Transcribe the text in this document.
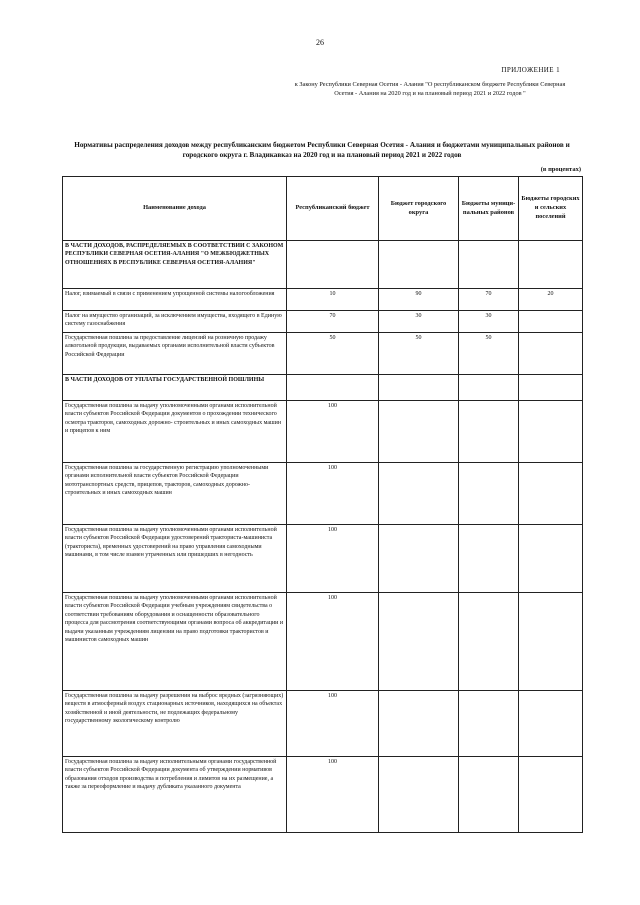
26
ПРИЛОЖЕНИЕ 1
к Закону Республики Северная Осетия - Алания "О республиканском бюджете Республики Северная Осетия - Алания на 2020 год и на плановый период 2021 и 2022 годов "
Нормативы распределения доходов между республиканским бюджетом Республики Северная Осетия - Алания и бюджетами муниципальных районов и городского округа г. Владикавказ на 2020 год и на плановый период 2021 и 2022 годов
(в процентах)
Наименование дохода	Республиканский бюджет	Бюджет городского округа	Бюджеты муници-пальных районов	Бюджеты городских и сельских поселений
В ЧАСТИ ДОХОДОВ, РАСПРЕДЕЛЯЕМЫХ В СООТВЕТСТВИИ С ЗАКОНОМ РЕСПУБЛИКИ СЕВЕРНАЯ ОСЕТИЯ-АЛАНИЯ "О МЕЖБЮДЖЕТНЫХ ОТНОШЕНИЯХ В РЕСПУБЛИКЕ СЕВЕРНАЯ ОСЕТИЯ-АЛАНИЯ"				
Налог, взимаемый в связи с применением упрощенной системы налогообложения	10	90	70	20
Налог на имущество организаций, за исключением имущества, входящего в Единую систему газоснабжения	70	30	30	
Государственная пошлина за предоставление лицензий на розничную продажу алкогольной продукции, выдаваемых органами исполнительной власти субъектов Российской Федерации	50	50	50	
В ЧАСТИ ДОХОДОВ ОТ УПЛАТЫ ГОСУДАРСТВЕННОЙ ПОШЛИНЫ				
Государственная пошлина за выдачу уполномоченными органами исполнительной власти субъектов Российской Федерации документов о прохождении технического осмотра тракторов, самоходных дорожно- строительных и иных самоходных машин и прицепов к ним	100			
Государственная пошлина за государственную регистрацию уполномоченными органами исполнительной власти субъектов Российской Федерации мототранспортных средств, прицепов, тракторов, самоходных дорожно-строительных и иных самоходных машин	100			
Государственная пошлина за выдачу уполномоченными органами исполнительной власти субъектов Российской Федерации удостоверений тракториста-машиниста (тракториста), временных удостоверений на право управления самоходными машинами, в том числе взамен утраченных или пришедших в негодность	100			
Государственная пошлина за выдачу уполномоченными органами исполнительной власти субъектов Российской Федерации учебным учреждениям свидетельства о соответствии требованиям оборудования и оснащенности образовательного процесса для рассмотрения соответствующими органами вопроса об аккредитации и выдачи указанным учреждениям лицензии на право подготовки трактористов и машинистов самоходных машин	100			
Государственная пошлина за выдачу разрешения на выброс вредных (загрязняющих) веществ в атмосферный воздух стационарных источников, находящихся на объектах хозяйственной и иной деятельности, не подлежащих федеральному государственному экологическому контролю	100			
Государственная пошлина за выдачу исполнительными органами государственной власти субъектов Российской Федерации документа об утверждении нормативов образования отходов производства и потребления и лимитов на их размещение, а также за переоформление и выдачу дубликата указанного документа	100			
